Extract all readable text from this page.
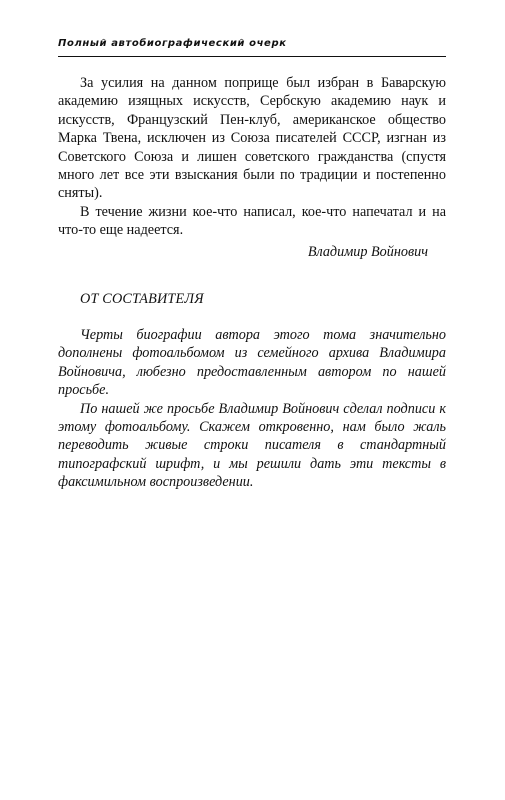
Полный автобиографический очерк

За усилия на данном поприще был избран в Баварскую академию изящных искусств, Сербскую академию наук и искусств, Французский Пен-клуб, американское общество Марка Твена, исключен из Союза писателей СССР, изгнан из Советского Союза и лишен советского гражданства (спустя много лет все эти взыскания были по традиции и постепенно сняты).

В течение жизни кое-что написал, кое-что напечатал и на что-то еще надеется.

Владимир Войнович
ОТ СОСТАВИТЕЛЯ

Черты биографии автора этого тома значительно дополнены фотоальбомом из семейного архива Владимира Войновича, любезно предоставленным автором по нашей просьбе.

По нашей же просьбе Владимир Войнович сделал подписи к этому фотоальбому. Скажем откровенно, нам было жаль переводить живые строки писателя в стандартный типографский шрифт, и мы решили дать эти тексты в факсимильном воспроизведении.
